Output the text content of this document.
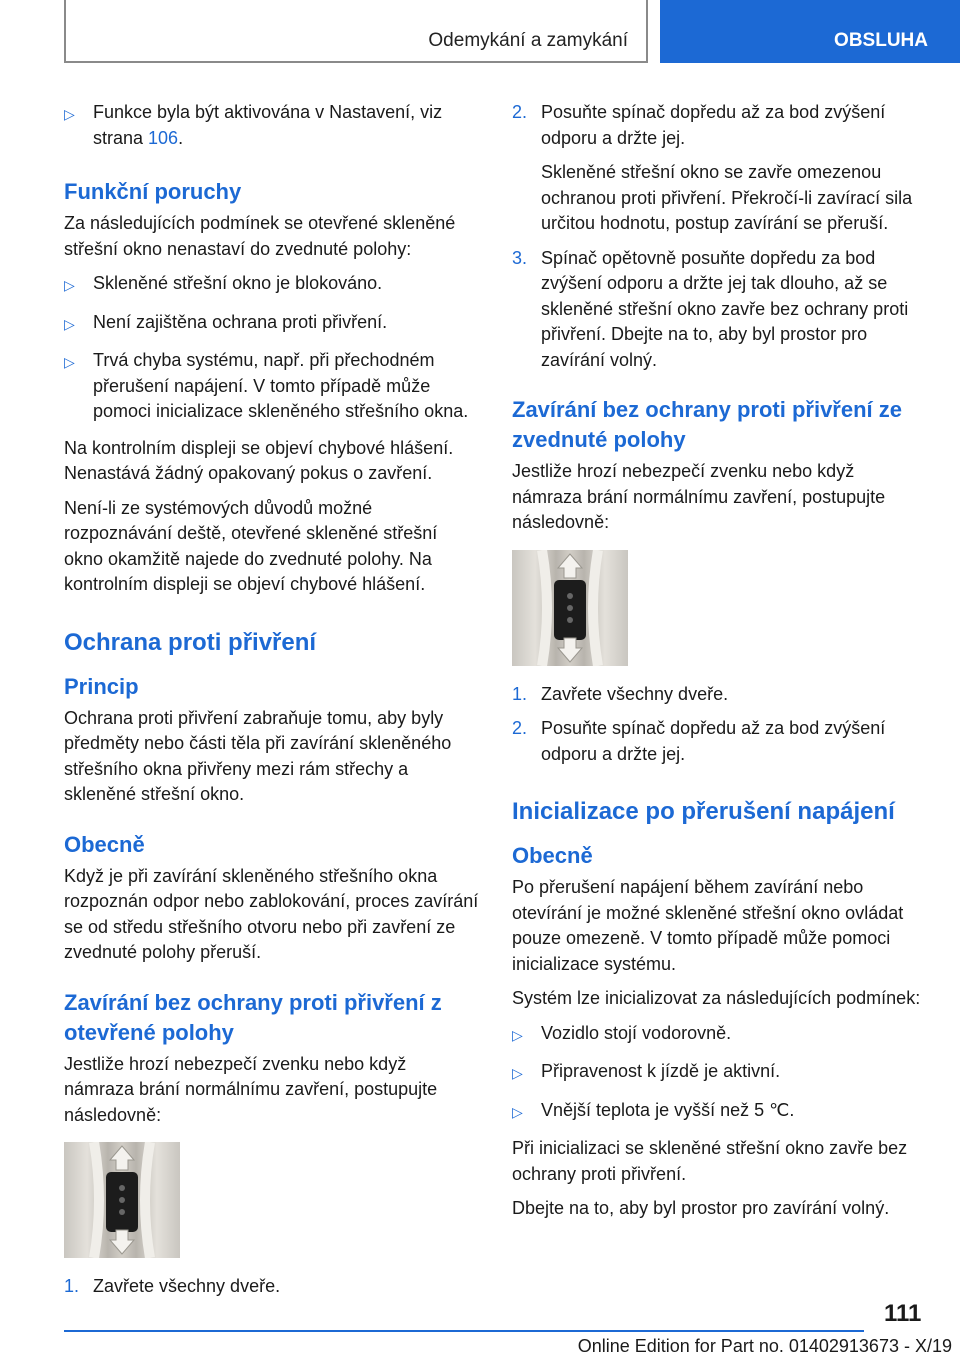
Odemykání a zamykání	OBSLUHA
▷	Funkce byla být aktivována v Nastavení, viz strana 106.
Funkční poruchy

Za následujících podmínek se otevřené skleněné střešní okno nenastaví do zvednuté polohy:

▷	Skleněné střešní okno je blokováno.
▷	Není zajištěna ochrana proti přivření.
▷	Trvá chyba systému, např. při přechodném přerušení napájení. V tomto případě může pomoci inicializace skleněného střešního okna.

Na kontrolním displeji se objeví chybové hlášení. Nenastává žádný opakovaný pokus o zavření.

Není-li ze systémových důvodů možné rozpoznávání deště, otevřené skleněné střešní okno okamžitě najede do zvednuté polohy. Na kontrolním displeji se objeví chybové hlášení.

Ochrana proti přivření
Princip

Ochrana proti přivření zabraňuje tomu, aby byly předměty nebo části těla při zavírání skleněného střešního okna přivřeny mezi rám střechy a skleněné střešní okno.

Obecně

Když je při zavírání skleněného střešního okna rozpoznán odpor nebo zablokování, proces zavírání se od středu střešního otvoru nebo při zavření ze zvednuté polohy přeruší.

Zavírání bez ochrany proti přivření z otevřené polohy

Jestliže hrozí nebezpečí zvenku nebo když námraza brání normálnímu zavření, postupujte následovně:

1. Zavřete všechny dveře.
2. Posuňte spínač dopředu až za bod zvýšení odporu a držte jej.

Skleněné střešní okno se zavře omezenou ochranou proti přivření. Překročí-li zavírací sila určitou hodnotu, postup zavírání se přeruší.

3. Spínač opětovně posuňte dopředu za bod zvýšení odporu a držte jej tak dlouho, až se skleněné střešní okno zavře bez ochrany proti přivření. Dbejte na to, aby byl prostor pro zavírání volný.
Zavírání bez ochrany proti přivření ze zvednuté polohy

Jestliže hrozí nebezpečí zvenku nebo když námraza brání normálnímu zavření, postupujte následovně:

1. Zavřete všechny dveře.
2. Posuňte spínač dopředu až za bod zvýšení odporu a držte jej.
Inicializace po přerušení napájení
Obecně

Po přerušení napájení během zavírání nebo otevírání je možné skleněné střešní okno ovládat pouze omezeně. V tomto případě může pomoci inicializace systému.

Systém lze inicializovat za následujících podmínek:

▷	Vozidlo stojí vodorovně.
▷	Připravenost k jízdě je aktivní.
▷	Vnější teplota je vyšší než 5 ℃.

Při inicializaci se skleněné střešní okno zavře bez ochrany proti přivření.

Dbejte na to, aby byl prostor pro zavírání volný.

111
Online Edition for Part no. 01402913673 - X/19
